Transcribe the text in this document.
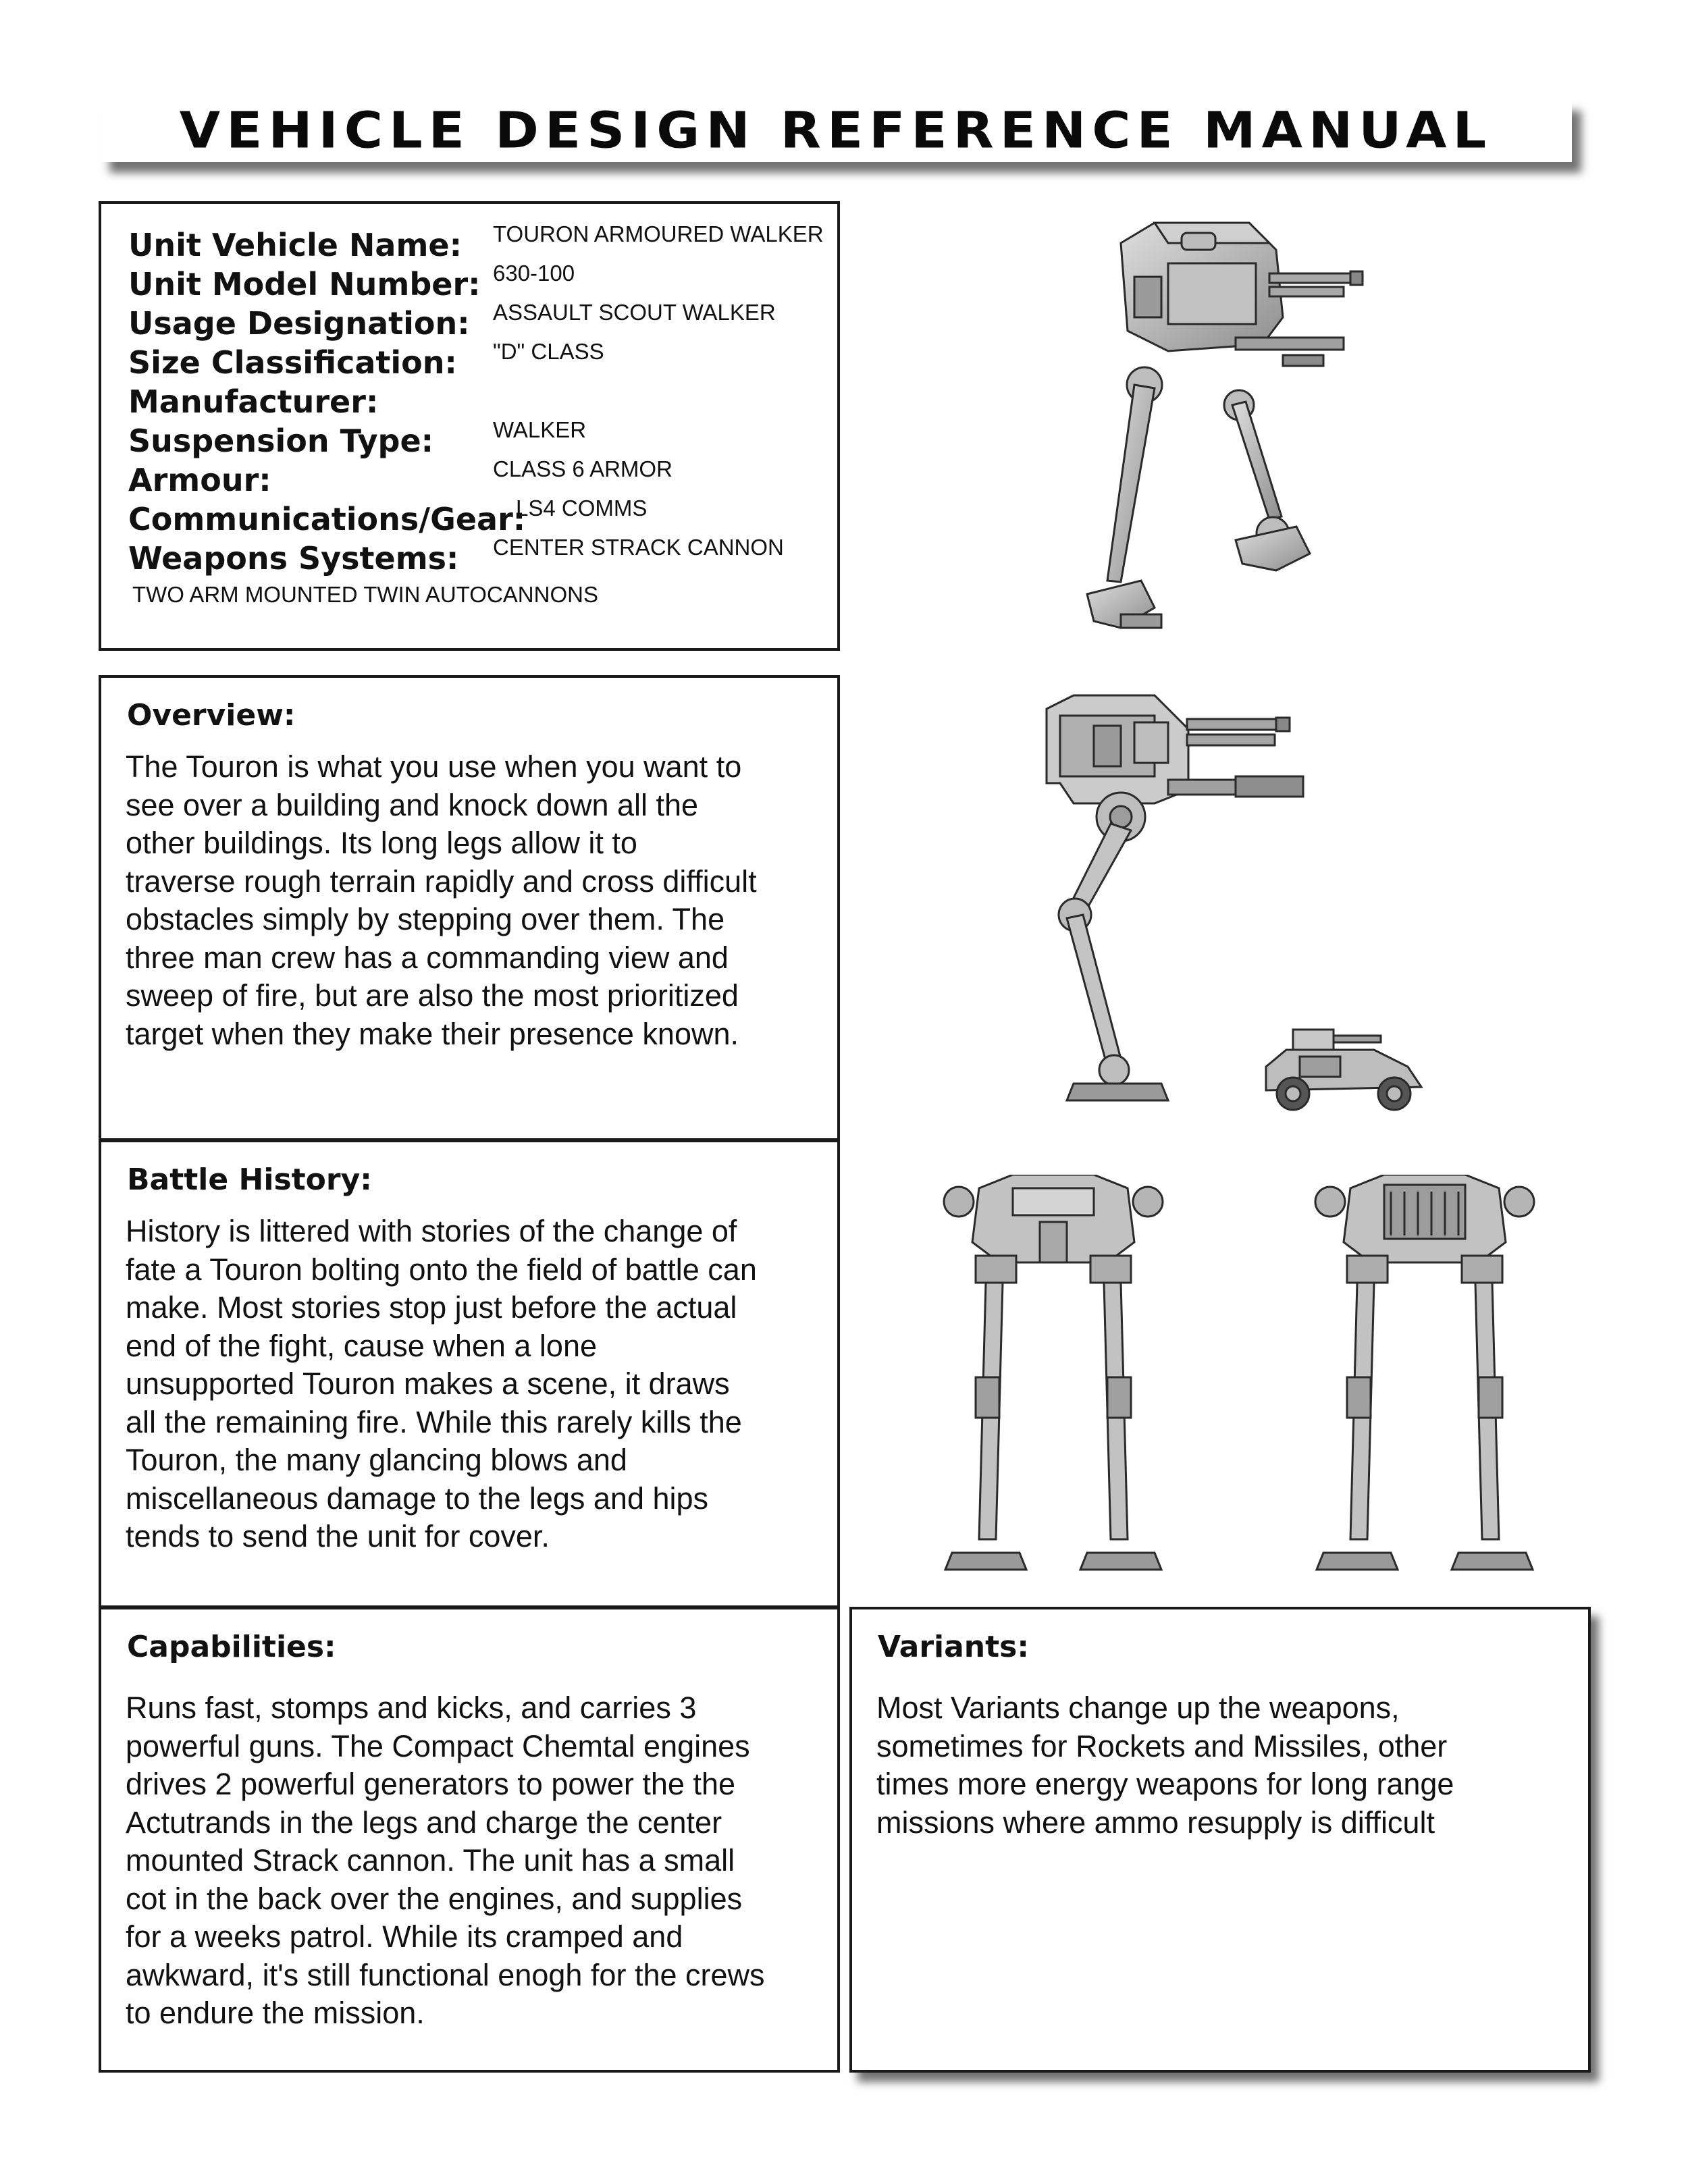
VEHICLE DESIGN REFERENCE MANUAL
Unit Vehicle Name: TOURON ARMOURED WALKER
Unit Model Number: 630-100
Usage Designation: ASSAULT SCOUT WALKER
Size Classification: "D" CLASS
Manufacturer:
Suspension Type:	WALKER
Armour:	CLASS 6 ARMOR
Communications/Gear:
LS4 COMMS
Weapons Systems: CENTER STRACK CANNON
TWO ARM MOUNTED TWIN AUTOCANNONS
Overview:
The Touron is what you use when you want to
see over a building and knock down all the
other buildings. Its long legs allow it to
traverse rough terrain rapidly and cross difficult
obstacles simply by stepping over them. The
three man crew has a commanding view and
sweep of fire, but are also the most prioritized
target when they make their presence known.
Battle History:
History is littered with stories of the change of
fate a Touron bolting onto the field of battle can
make. Most stories stop just before the actual
end of the fight, cause when a lone
unsupported Touron makes a scene, it draws
all the remaining fire. While this rarely kills the
Touron, the many glancing blows and
miscellaneous damage to the legs and hips
tends to send the unit for cover.
Capabilities:
Runs fast, stomps and kicks, and carries 3
powerful guns. The Compact Chemtal engines
drives 2 powerful generators to power the the
Actutrands in the legs and charge the center
mounted Strack cannon. The unit has a small
cot in the back over the engines, and supplies
for a weeks patrol. While its cramped and
awkward, it's still functional enogh for the crews
to endure the mission.
Variants:
Most Variants change up the weapons,
sometimes for Rockets and Missiles, other
times more energy weapons for long range
missions where ammo resupply is difficult
